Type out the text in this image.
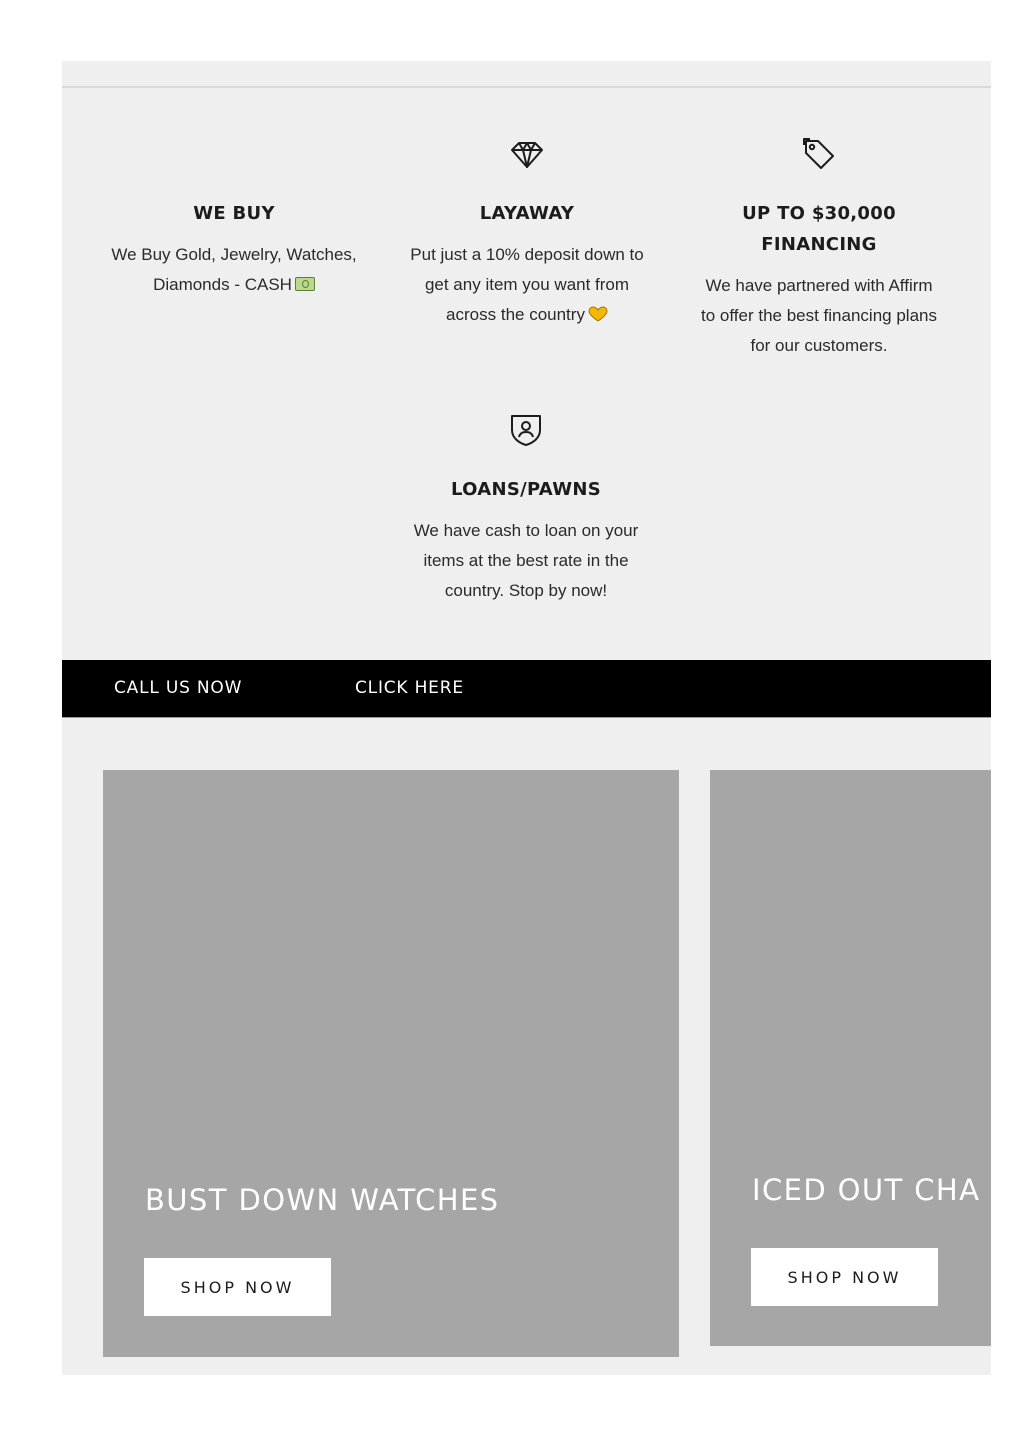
WE BUY

We Buy Gold, Jewelry, Watches,
Diamonds - CASH

LAYAWAY

Put just a 10% deposit down to
get any item you want from
across the country

UP TO $30,000
FINANCING

We have partnered with Affirm
to offer the best financing plans
for our customers.

LOANS/PAWNS

We have cash to loan on your
items at the best rate in the
country. Stop by now!

CALL US NOW	CLICK HERE
BUST DOWN WATCHES
SHOP NOW
ICED OUT CHA
SHOP NOW
